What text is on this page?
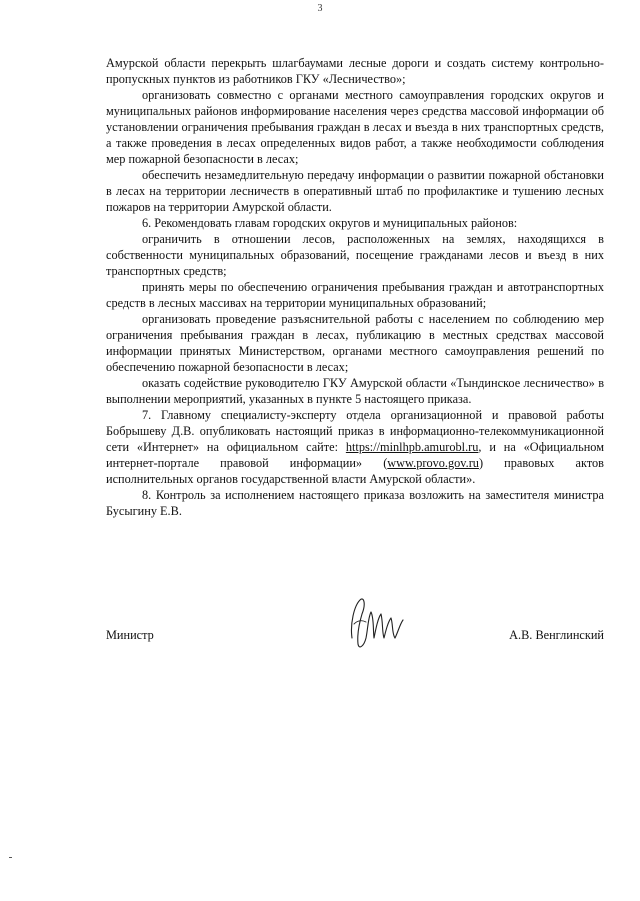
3

Амурской области перекрыть шлагбаумами лесные дороги и создать систему контрольно-пропускных пунктов из работников ГКУ «Лесничество»;

организовать совместно с органами местного самоуправления городских округов и муниципальных районов информирование населения через средства массовой информации об установлении ограничения пребывания граждан в лесах и въезда в них транспортных средств, а также проведения в лесах определенных видов работ, а также необходимости соблюдения мер пожарной безопасности в лесах;

обеспечить незамедлительную передачу информации о развитии пожарной обстановки в лесах на территории лесничеств в оперативный штаб по профилактике и тушению лесных пожаров на территории Амурской области.

6. Рекомендовать главам городских округов и муниципальных районов:

ограничить в отношении лесов, расположенных на землях, находящихся в собственности муниципальных образований, посещение гражданами лесов и въезд в них транспортных средств;

принять меры по обеспечению ограничения пребывания граждан и автотранспортных средств в лесных массивах на территории муниципальных образований;

организовать проведение разъяснительной работы с населением по соблюдению мер ограничения пребывания граждан в лесах, публикацию в местных средствах массовой информации принятых Министерством, органами местного самоуправления решений по обеспечению пожарной безопасности в лесах;

оказать содействие руководителю ГКУ Амурской области «Тындинское лесничество» в выполнении мероприятий, указанных в пункте 5 настоящего приказа.

7. Главному специалисту-эксперту отдела организационной и правовой работы Бобрышеву Д.В. опубликовать настоящий приказ в информационно-телекоммуникационной сети «Интернет» на официальном сайте: https://minlhpb.amurobl.ru, и на «Официальном интернет-портале правовой информации» (www.provo.gov.ru) правовых актов исполнительных органов государственной власти Амурской области».

8. Контроль за исполнением настоящего приказа возложить на заместителя министра Бусыгину Е.В.

Министр	А.В. Венглинский
